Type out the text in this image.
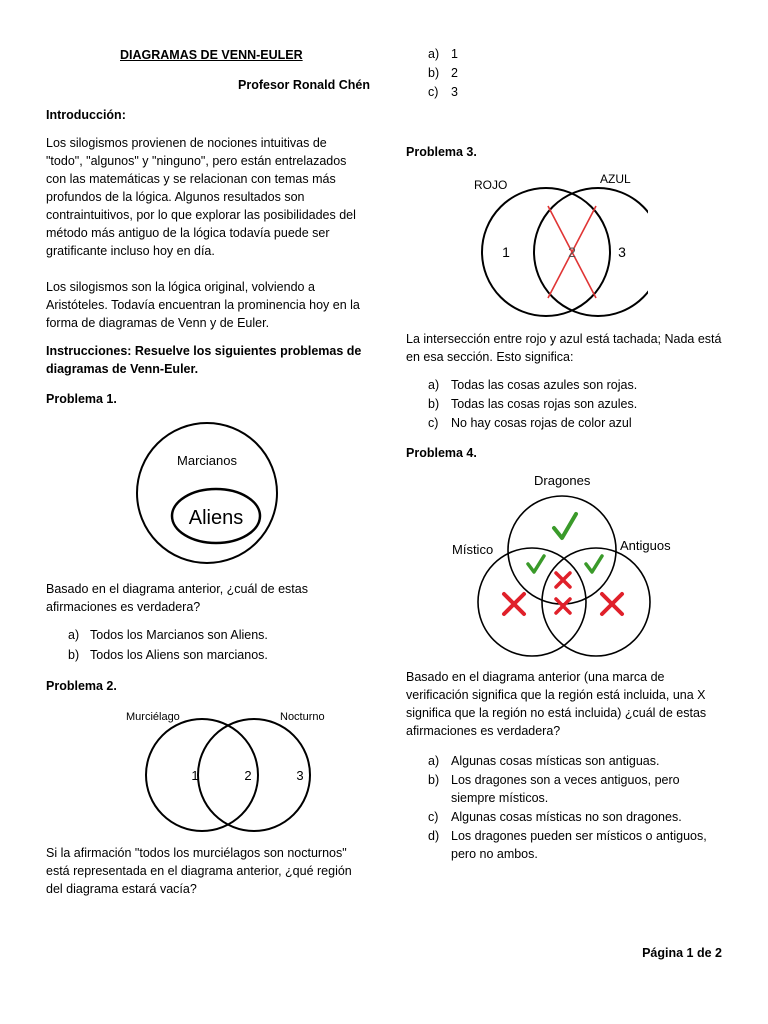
DIAGRAMAS DE VENN-EULER
Profesor Ronald Chén
Introducción:

Los silogismos provienen de nociones intuitivas de "todo", "algunos" y "ninguno", pero están entrelazados con las matemáticas y se relacionan con temas más profundos de la lógica. Algunos resultados son contraintuitivos, por lo que explorar las posibilidades del método más antiguo de la lógica todavía puede ser gratificante incluso hoy en día.

Los silogismos son la lógica original, volviendo a Aristóteles. Todavía encuentran la prominencia hoy en la forma de diagramas de Venn y de Euler.

Instrucciones: Resuelve los siguientes problemas de diagramas de Venn-Euler.

Problema 1.
Marcianos
Aliens

Basado en el diagrama anterior, ¿cuál de estas afirmaciones es verdadera?

a) Todos los Marcianos son Aliens.
b) Todos los Aliens son marcianos.
Problema 2.
Murciélago	Nocturno
1	2	3

Si la afirmación "todos los murciélagos son nocturnos" está representada en el diagrama anterior, ¿qué región del diagrama estará vacía?

a) 1
b) 2
c) 3
Problema 3.
ROJO	AZUL
1	2	3

La intersección entre rojo y azul está tachada; Nada está en esa sección. Esto significa:

a) Todas las cosas azules son rojas.
b) Todas las cosas rojas son azules.
c) No hay cosas rojas de color azul
Problema 4.
Dragones
Místico	Antiguos

Basado en el diagrama anterior (una marca de verificación significa que la región está incluida, una X significa que la región no está incluida) ¿cuál de estas afirmaciones es verdadera?

a) Algunas cosas místicas son antiguas.
b) Los dragones son a veces antiguos, pero siempre místicos.
c) Algunas cosas místicas no son dragones.
d) Los dragones pueden ser místicos o antiguos, pero no ambos.
Página 1 de 2
